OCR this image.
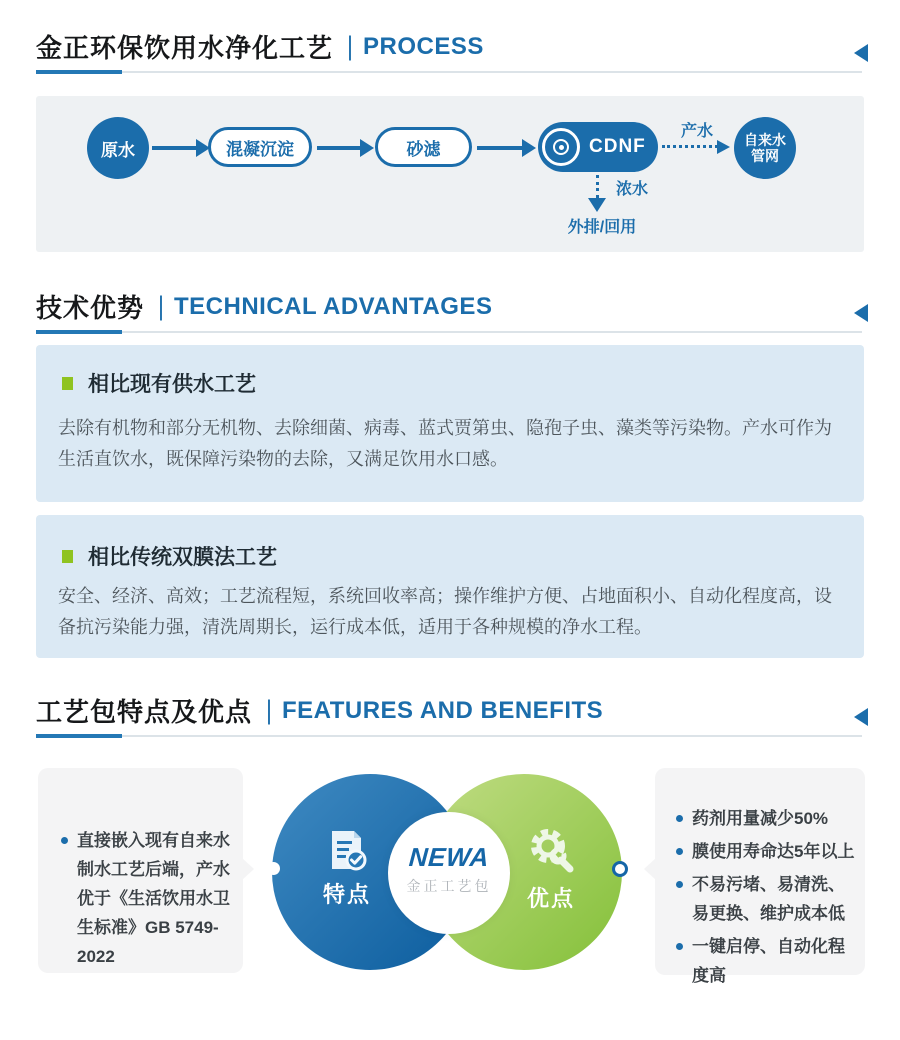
金正环保饮用水净化工艺 | PROCESS
原水	混凝沉淀	砂滤	CDNF
产水	自来水
管网
浓水
外排/回用
技术优势 | TECHNICAL ADVANTAGES
相比现有供水工艺
去除有机物和部分无机物、去除细菌、病毒、蓝式贾第虫、隐孢子虫、藻类等污染物。产水可作为生活直饮水，既保障污染物的去除，又满足饮用水口感。
相比传统双膜法工艺
安全、经济、高效；工艺流程短，系统回收率高；操作维护方便、占地面积小、自动化程度高，设备抗污染能力强，清洗周期长，运行成本低，适用于各种规模的净水工程。
工艺包特点及优点 | FEATURES AND BENEFITS
直接嵌入现有自来水制水工艺后端，产水优于《生活饮用水卫生标准》GB 5749-2022
特点	优点
NEWA
金正工艺包
药剂用量减少50%
膜使用寿命达5年以上
不易污堵、易清洗、易更换、维护成本低
一键启停、自动化程度高
